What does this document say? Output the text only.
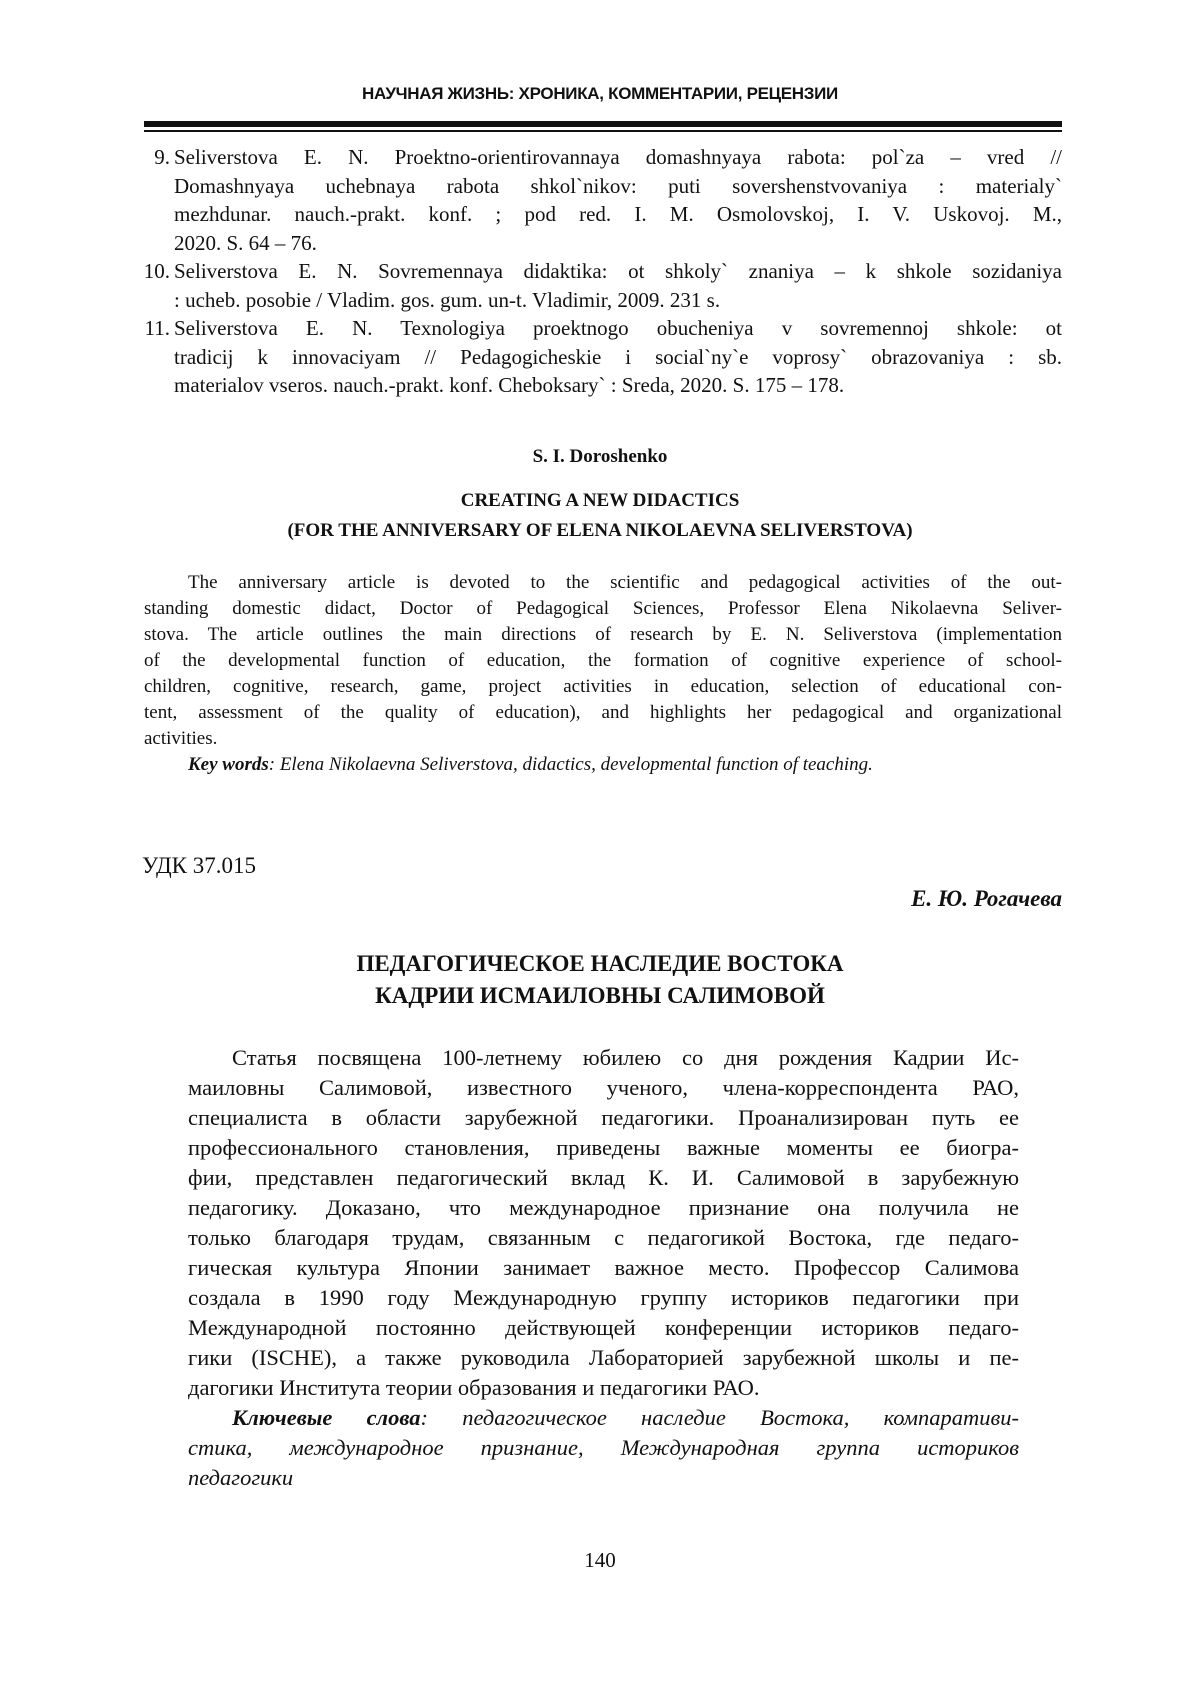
НАУЧНАЯ ЖИЗНЬ: ХРОНИКА, КОММЕНТАРИИ, РЕЦЕНЗИИ
9. Seliverstova E. N. Proektno-orientirovannaya domashnyaya rabota: pol`za – vred //
Domashnyaya uchebnaya rabota shkol`nikov: puti sovershenstvovaniya : materialy`
mezhdunar. nauch.-prakt. konf. ; pod red. I. M. Osmolovskoj, I. V. Uskovoj. M.,
2020. S. 64 – 76.
10. Seliverstova E. N. Sovremennaya didaktika: ot shkoly` znaniya – k shkole sozidaniya
: ucheb. posobie / Vladim. gos. gum. un-t. Vladimir, 2009. 231 s.
11. Seliverstova E. N. Texnologiya proektnogo obucheniya v sovremennoj shkole: ot
tradicij k innovaciyam // Pedagogicheskie i social`ny`e voprosy` obrazovaniya : sb.
materialov vseros. nauch.-prakt. konf. Cheboksary` : Sreda, 2020. S. 175 – 178.
S. I. Doroshenko
CREATING A NEW DIDACTICS
(FOR THE ANNIVERSARY OF ELENA NIKOLAEVNA SELIVERSTOVA)
The anniversary article is devoted to the scientific and pedagogical activities of the out-
standing domestic didact, Doctor of Pedagogical Sciences, Professor Elena Nikolaevna Seliver-
stova. The article outlines the main directions of research by E. N. Seliverstova (implementation
of the developmental function of education, the formation of cognitive experience of school-
children, cognitive, research, game, project activities in education, selection of educational con-
tent, assessment of the quality of education), and highlights her pedagogical and organizational
activities.
Key words: Elena Nikolaevna Seliverstova, didactics, developmental function of teaching.
УДК 37.015
Е. Ю. Рогачева
ПЕДАГОГИЧЕСКОЕ НАСЛЕДИЕ ВОСТОКА
КАДРИИ ИСМАИЛОВНЫ САЛИМОВОЙ
Статья посвящена 100-летнему юбилею со дня рождения Кадрии Ис-
маиловны Салимовой, известного ученого, члена-корреспондента РАО,
специалиста в области зарубежной педагогики. Проанализирован путь ее
профессионального становления, приведены важные моменты ее биогра-
фии, представлен педагогический вклад К. И. Салимовой в зарубежную
педагогику. Доказано, что международное признание она получила не
только благодаря трудам, связанным с педагогикой Востока, где педаго-
гическая культура Японии занимает важное место. Профессор Салимова
создала в 1990 году Международную группу историков педагогики при
Международной постоянно действующей конференции историков педаго-
гики (ISCHE), а также руководила Лабораторией зарубежной школы и пе-
дагогики Института теории образования и педагогики РАО.
Ключевые слова: педагогическое наследие Востока, компаративи-
стика, международное признание, Международная группа историков
педагогики
140
